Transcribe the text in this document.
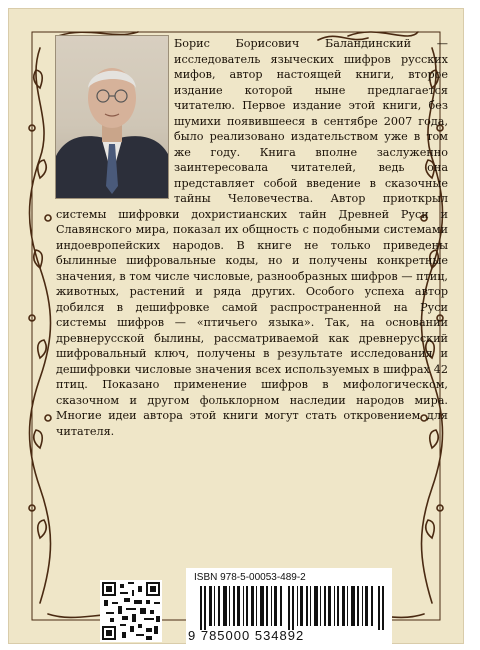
Борис Борисович Баландинский — исследователь языческих шифров русских мифов, автор настоящей книги, второе издание которой ныне предлагается читателю. Первое издание этой книги, без шумихи появившееся в сентябре 2007 года, было реализовано издательством уже в том же году. Книга вполне заслуженно заинтересовала читателей, ведь она представляет собой введение в сказочные тайны Человечества. Автор приоткрыл системы шифровки дохристианских тайн Древней Руси и Славянского мира, показал их общность с подобными системами индоевропейских народов. В книге не только приведены былинные шифровальные коды, но и получены конкретные значения, в том числе числовые, разнообразных шифров — птиц, животных, растений и ряда других. Особого успеха автор добился в дешифровке самой распространенной на Руси системы шифров — «птичьего языка». Так, на основании древнерусской былины, рассматриваемой как древнерусский шифровальный ключ, получены в результате исследования и дешифровки числовые значения всех используемых в шифрах 42 птиц. Показано применение шифров в мифологическом, сказочном и другом фольклорном наследии народов мира. Многие идеи автора этой книги могут стать откровением для читателя.
ISBN 978-5-00053-489-2
9 785000 534892
